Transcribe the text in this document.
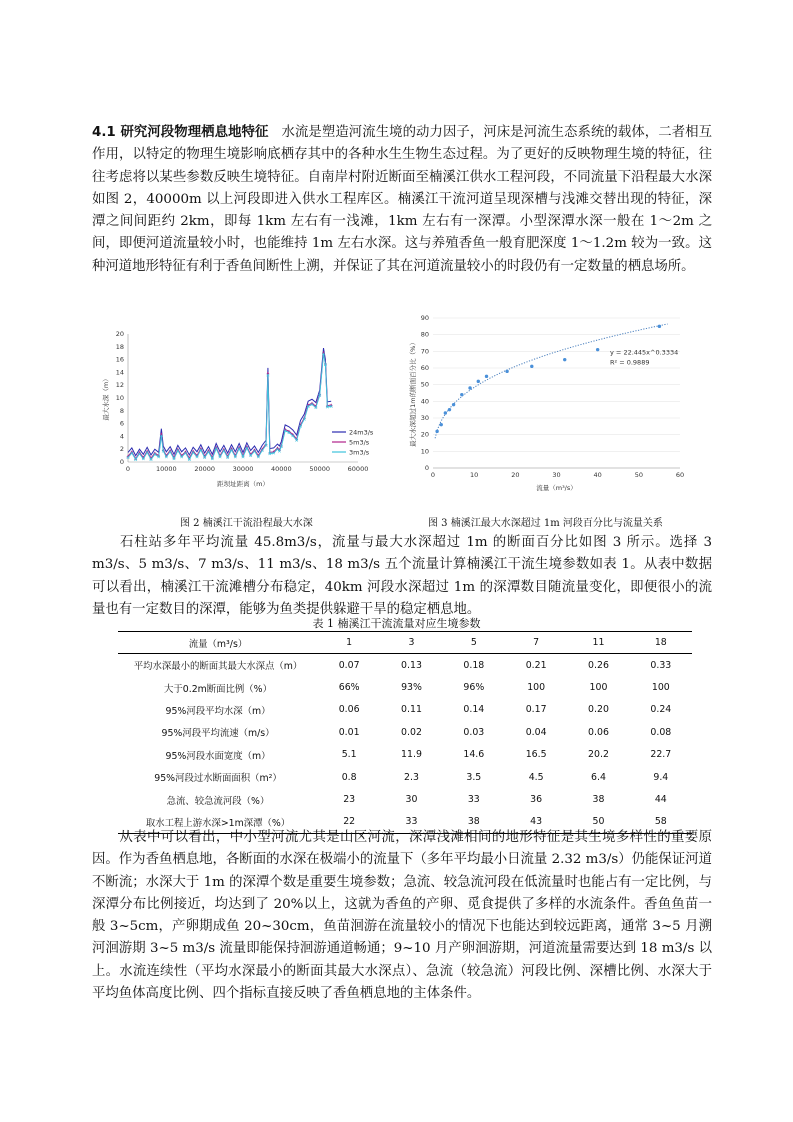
4.1 研究河段物理栖息地特征 水流是塑造河流生境的动力因子，河床是河流生态系统的载体，二者相互作用，以特定的物理生境影响底栖存其中的各种水生生物生态过程。为了更好的反映物理生境的特征，往往考虑将以某些参数反映生境特征。自南岸村附近断面至楠溪江供水工程河段，不同流量下沿程最大水深如图 2，40000m 以上河段即进入供水工程库区。楠溪江干流河道呈现深槽与浅滩交替出现的特征，深潭之间间距约 2km，即每 1km 左右有一浅滩，1km 左右有一深潭。小型深潭水深一般在 1～2m 之间，即便河道流量较小时，也能维持 1m 左右水深。这与养殖香鱼一般育肥深度 1～1.2m 较为一致。这种河道地形特征有利于香鱼间断性上溯，并保证了其在河道流量较小的时段仍有一定数量的栖息场所。

0
2
4
6
8
10
12
14
16
18
20
0	10000	20000	30000	40000	50000	60000
距坝址距离（m）
最大水深（m）
24m3/s
5m3/s
3m3/s
0
10
20
30
40
50
60
70
80
90
0	10	20	30	40	50	60
流量（m³/s）
最大水深超过1m的断面百分比（%）	y = 22.445x^0.3334
R² = 0.9889
图 2 楠溪江干流沿程最大水深	图 3 楠溪江最大水深超过 1m 河段百分比与流量关系

石柱站多年平均流量 45.8m3/s，流量与最大水深超过 1m 的断面百分比如图 3 所示。选择 3 m3/s、5 m3/s、7 m3/s、11 m3/s、18 m3/s 五个流量计算楠溪江干流生境参数如表 1。从表中数据可以看出，楠溪江干流滩槽分布稳定，40km 河段水深超过 1m 的深潭数目随流量变化，即便很小的流量也有一定数目的深潭，能够为鱼类提供躲避干旱的稳定栖息地。

表 1 楠溪江干流流量对应生境参数
流量（m³/s）	1	3	5	7	11	18
平均水深最小的断面其最大水深点（m）	0.07	0.13	0.18	0.21	0.26	0.33
大于0.2m断面比例（%）	66%	93%	96%	100	100	100
95%河段平均水深（m）	0.06	0.11	0.14	0.17	0.20	0.24
95%河段平均流速（m/s）	0.01	0.02	0.03	0.04	0.06	0.08
95%河段水面宽度（m）	5.1	11.9	14.6	16.5	20.2	22.7
95%河段过水断面面积（m²）	0.8	2.3	3.5	4.5	6.4	9.4
急流、较急流河段（%）	23	30	33	36	38	44
取水工程上游水深>1m深潭（%）	22	33	38	43	50	58

从表中可以看出，中小型河流尤其是山区河流，深潭浅滩相间的地形特征是其生境多样性的重要原因。作为香鱼栖息地，各断面的水深在极端小的流量下（多年平均最小日流量 2.32 m3/s）仍能保证河道不断流；水深大于 1m 的深潭个数是重要生境参数；急流、较急流河段在低流量时也能占有一定比例，与深潭分布比例接近，均达到了 20%以上，这就为香鱼的产卵、觅食提供了多样的水流条件。香鱼鱼苗一般 3~5cm，产卵期成鱼 20~30cm，鱼苗洄游在流量较小的情况下也能达到较远距离，通常 3~5 月溯河洄游期 3~5 m3/s 流量即能保持洄游通道畅通；9~10 月产卵洄游期，河道流量需要达到 18 m3/s 以上。水流连续性（平均水深最小的断面其最大水深点）、急流（较急流）河段比例、深槽比例、水深大于平均鱼体高度比例、四个指标直接反映了香鱼栖息地的主体条件。
